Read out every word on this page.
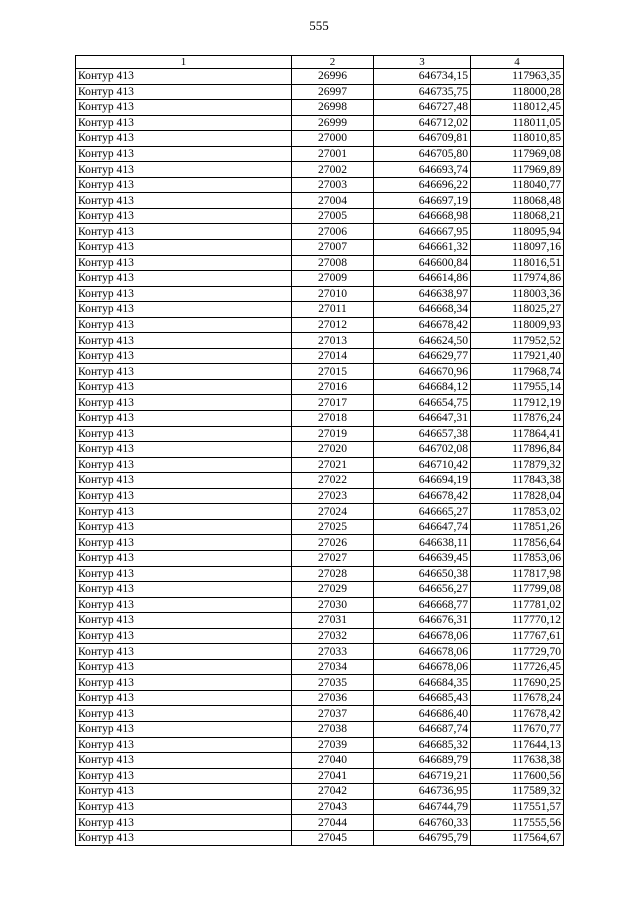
555
1	2	3	4
Контур 413	26996	646734,15	117963,35
Контур 413	26997	646735,75	118000,28
Контур 413	26998	646727,48	118012,45
Контур 413	26999	646712,02	118011,05
Контур 413	27000	646709,81	118010,85
Контур 413	27001	646705,80	117969,08
Контур 413	27002	646693,74	117969,89
Контур 413	27003	646696,22	118040,77
Контур 413	27004	646697,19	118068,48
Контур 413	27005	646668,98	118068,21
Контур 413	27006	646667,95	118095,94
Контур 413	27007	646661,32	118097,16
Контур 413	27008	646600,84	118016,51
Контур 413	27009	646614,86	117974,86
Контур 413	27010	646638,97	118003,36
Контур 413	27011	646668,34	118025,27
Контур 413	27012	646678,42	118009,93
Контур 413	27013	646624,50	117952,52
Контур 413	27014	646629,77	117921,40
Контур 413	27015	646670,96	117968,74
Контур 413	27016	646684,12	117955,14
Контур 413	27017	646654,75	117912,19
Контур 413	27018	646647,31	117876,24
Контур 413	27019	646657,38	117864,41
Контур 413	27020	646702,08	117896,84
Контур 413	27021	646710,42	117879,32
Контур 413	27022	646694,19	117843,38
Контур 413	27023	646678,42	117828,04
Контур 413	27024	646665,27	117853,02
Контур 413	27025	646647,74	117851,26
Контур 413	27026	646638,11	117856,64
Контур 413	27027	646639,45	117853,06
Контур 413	27028	646650,38	117817,98
Контур 413	27029	646656,27	117799,08
Контур 413	27030	646668,77	117781,02
Контур 413	27031	646676,31	117770,12
Контур 413	27032	646678,06	117767,61
Контур 413	27033	646678,06	117729,70
Контур 413	27034	646678,06	117726,45
Контур 413	27035	646684,35	117690,25
Контур 413	27036	646685,43	117678,24
Контур 413	27037	646686,40	117678,42
Контур 413	27038	646687,74	117670,77
Контур 413	27039	646685,32	117644,13
Контур 413	27040	646689,79	117638,38
Контур 413	27041	646719,21	117600,56
Контур 413	27042	646736,95	117589,32
Контур 413	27043	646744,79	117551,57
Контур 413	27044	646760,33	117555,56
Контур 413	27045	646795,79	117564,67
